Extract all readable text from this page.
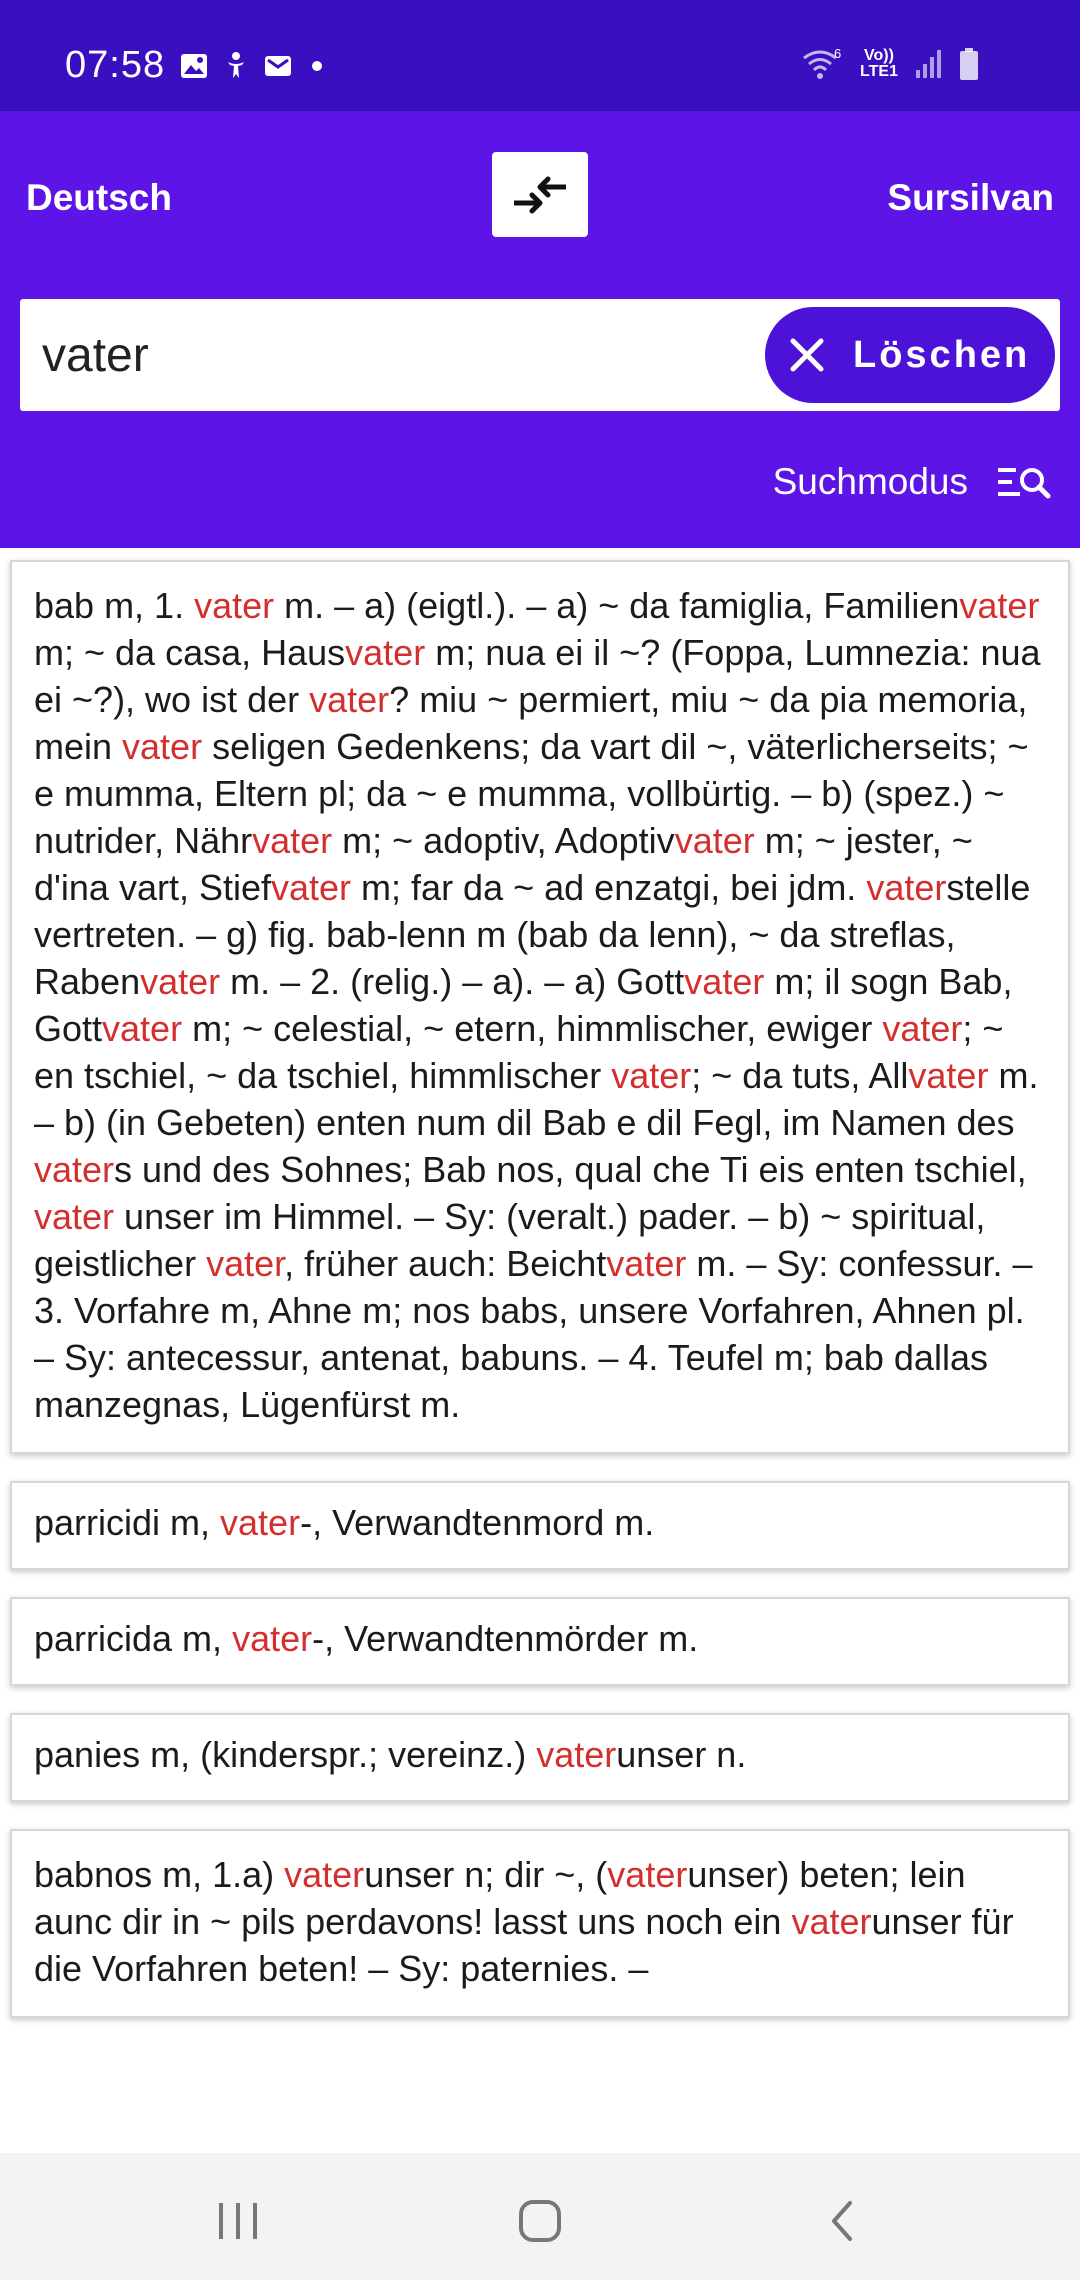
07:58	6	Vo)) LTE1
Deutsch	Sursilvan
vater
Löschen
Suchmodus
bab m, 1. vater m. – a) (eigtl.). – a) ~ da famiglia, Familienvater m; ~ da casa, Hausvater m; nua ei il ~? (Foppa, Lumnezia: nua ei ~?), wo ist der vater? miu ~ permiert, miu ~ da pia memoria, mein vater seligen Gedenkens; da vart dil ~, väterlicherseits; ~ e mumma, Eltern pl; da ~ e mumma, vollbürtig. – b) (spez.) ~ nutrider, Nährvater m; ~ adoptiv, Adoptivvater m; ~ jester, ~ d'ina vart, Stiefvater m; far da ~ ad enzatgi, bei jdm. vaterstelle vertreten. – g) fig. bab-lenn m (bab da lenn), ~ da streflas, Rabenvater m. – 2. (relig.) – a). – a) Gottvater m; il sogn Bab, Gottvater m; ~ celestial, ~ etern, himmlischer, ewiger vater; ~ en tschiel, ~ da tschiel, himmlischer vater; ~ da tuts, Allvater m. – b) (in Gebeten) enten num dil Bab e dil Fegl, im Namen des vaters und des Sohnes; Bab nos, qual che Ti eis enten tschiel, vater unser im Himmel. – Sy: (veralt.) pader. – b) ~ spiritual, geistlicher vater, früher auch: Beichtvater m. – Sy: confessur. – 3. Vorfahre m, Ahne m; nos babs, unsere Vorfahren, Ahnen pl. – Sy: antecessur, antenat, babuns. – 4. Teufel m; bab dallas manzegnas, Lügenfürst m.
parricidi m, vater-, Verwandtenmord m.
parricida m, vater-, Verwandtenmörder m.
panies m, (kinderspr.; vereinz.) vaterunser n.
babnos m, 1.a) vaterunser n; dir ~, (vaterunser) beten; lein aunc dir in ~ pils perdavons! lasst uns noch ein vaterunser für die Vorfahren beten! – Sy: paternies. –
